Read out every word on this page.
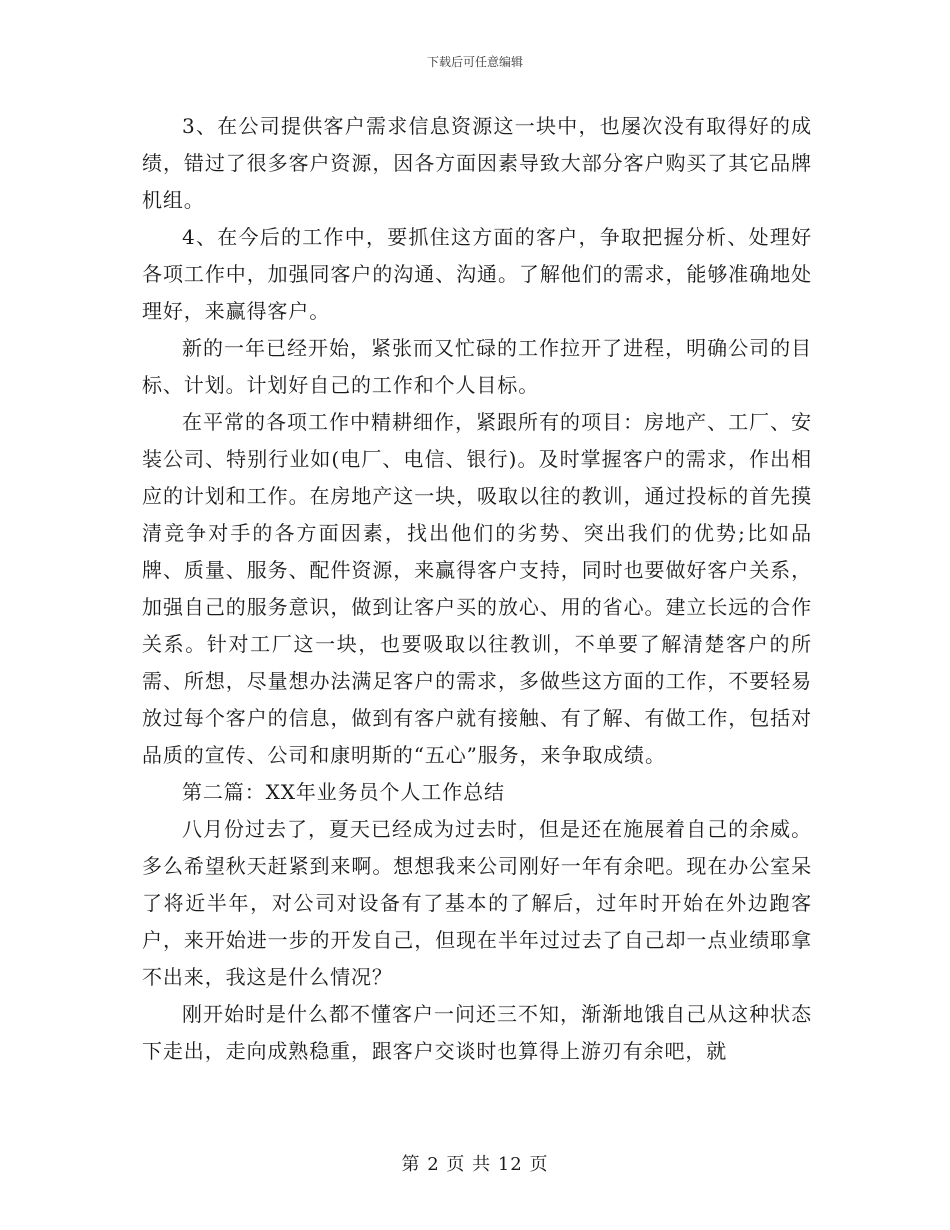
下载后可任意编辑

3、在公司提供客户需求信息资源这一块中，也屡次没有取得好的成绩，错过了很多客户资源，因各方面因素导致大部分客户购买了其它品牌机组。

4、在今后的工作中，要抓住这方面的客户，争取把握分析、处理好各项工作中，加强同客户的沟通、沟通。了解他们的需求，能够准确地处理好，来赢得客户。

新的一年已经开始，紧张而又忙碌的工作拉开了进程，明确公司的目标、计划。计划好自己的工作和个人目标。

在平常的各项工作中精耕细作，紧跟所有的项目：房地产、工厂、安装公司、特别行业如(电厂、电信、银行)。及时掌握客户的需求，作出相应的计划和工作。在房地产这一块，吸取以往的教训，通过投标的首先摸清竞争对手的各方面因素，找出他们的劣势、突出我们的优势;比如品牌、质量、服务、配件资源，来赢得客户支持，同时也要做好客户关系，加强自己的服务意识，做到让客户买的放心、用的省心。建立长远的合作关系。针对工厂这一块，也要吸取以往教训，不单要了解清楚客户的所需、所想，尽量想办法满足客户的需求，多做些这方面的工作，不要轻易放过每个客户的信息，做到有客户就有接触、有了解、有做工作，包括对品质的宣传、公司和康明斯的“五心”服务，来争取成绩。

第二篇：XX年业务员个人工作总结

八月份过去了，夏天已经成为过去时，但是还在施展着自己的余威。多么希望秋天赶紧到来啊。想想我来公司刚好一年有余吧。现在办公室呆了将近半年，对公司对设备有了基本的了解后，过年时开始在外边跑客户，来开始进一步的开发自己，但现在半年过过去了自己却一点业绩耶拿不出来，我这是什么情况？

刚开始时是什么都不懂客户一问还三不知，渐渐地饿自己从这种状态下走出，走向成熟稳重，跟客户交谈时也算得上游刃有余吧，就

第 2 页 共 12 页
